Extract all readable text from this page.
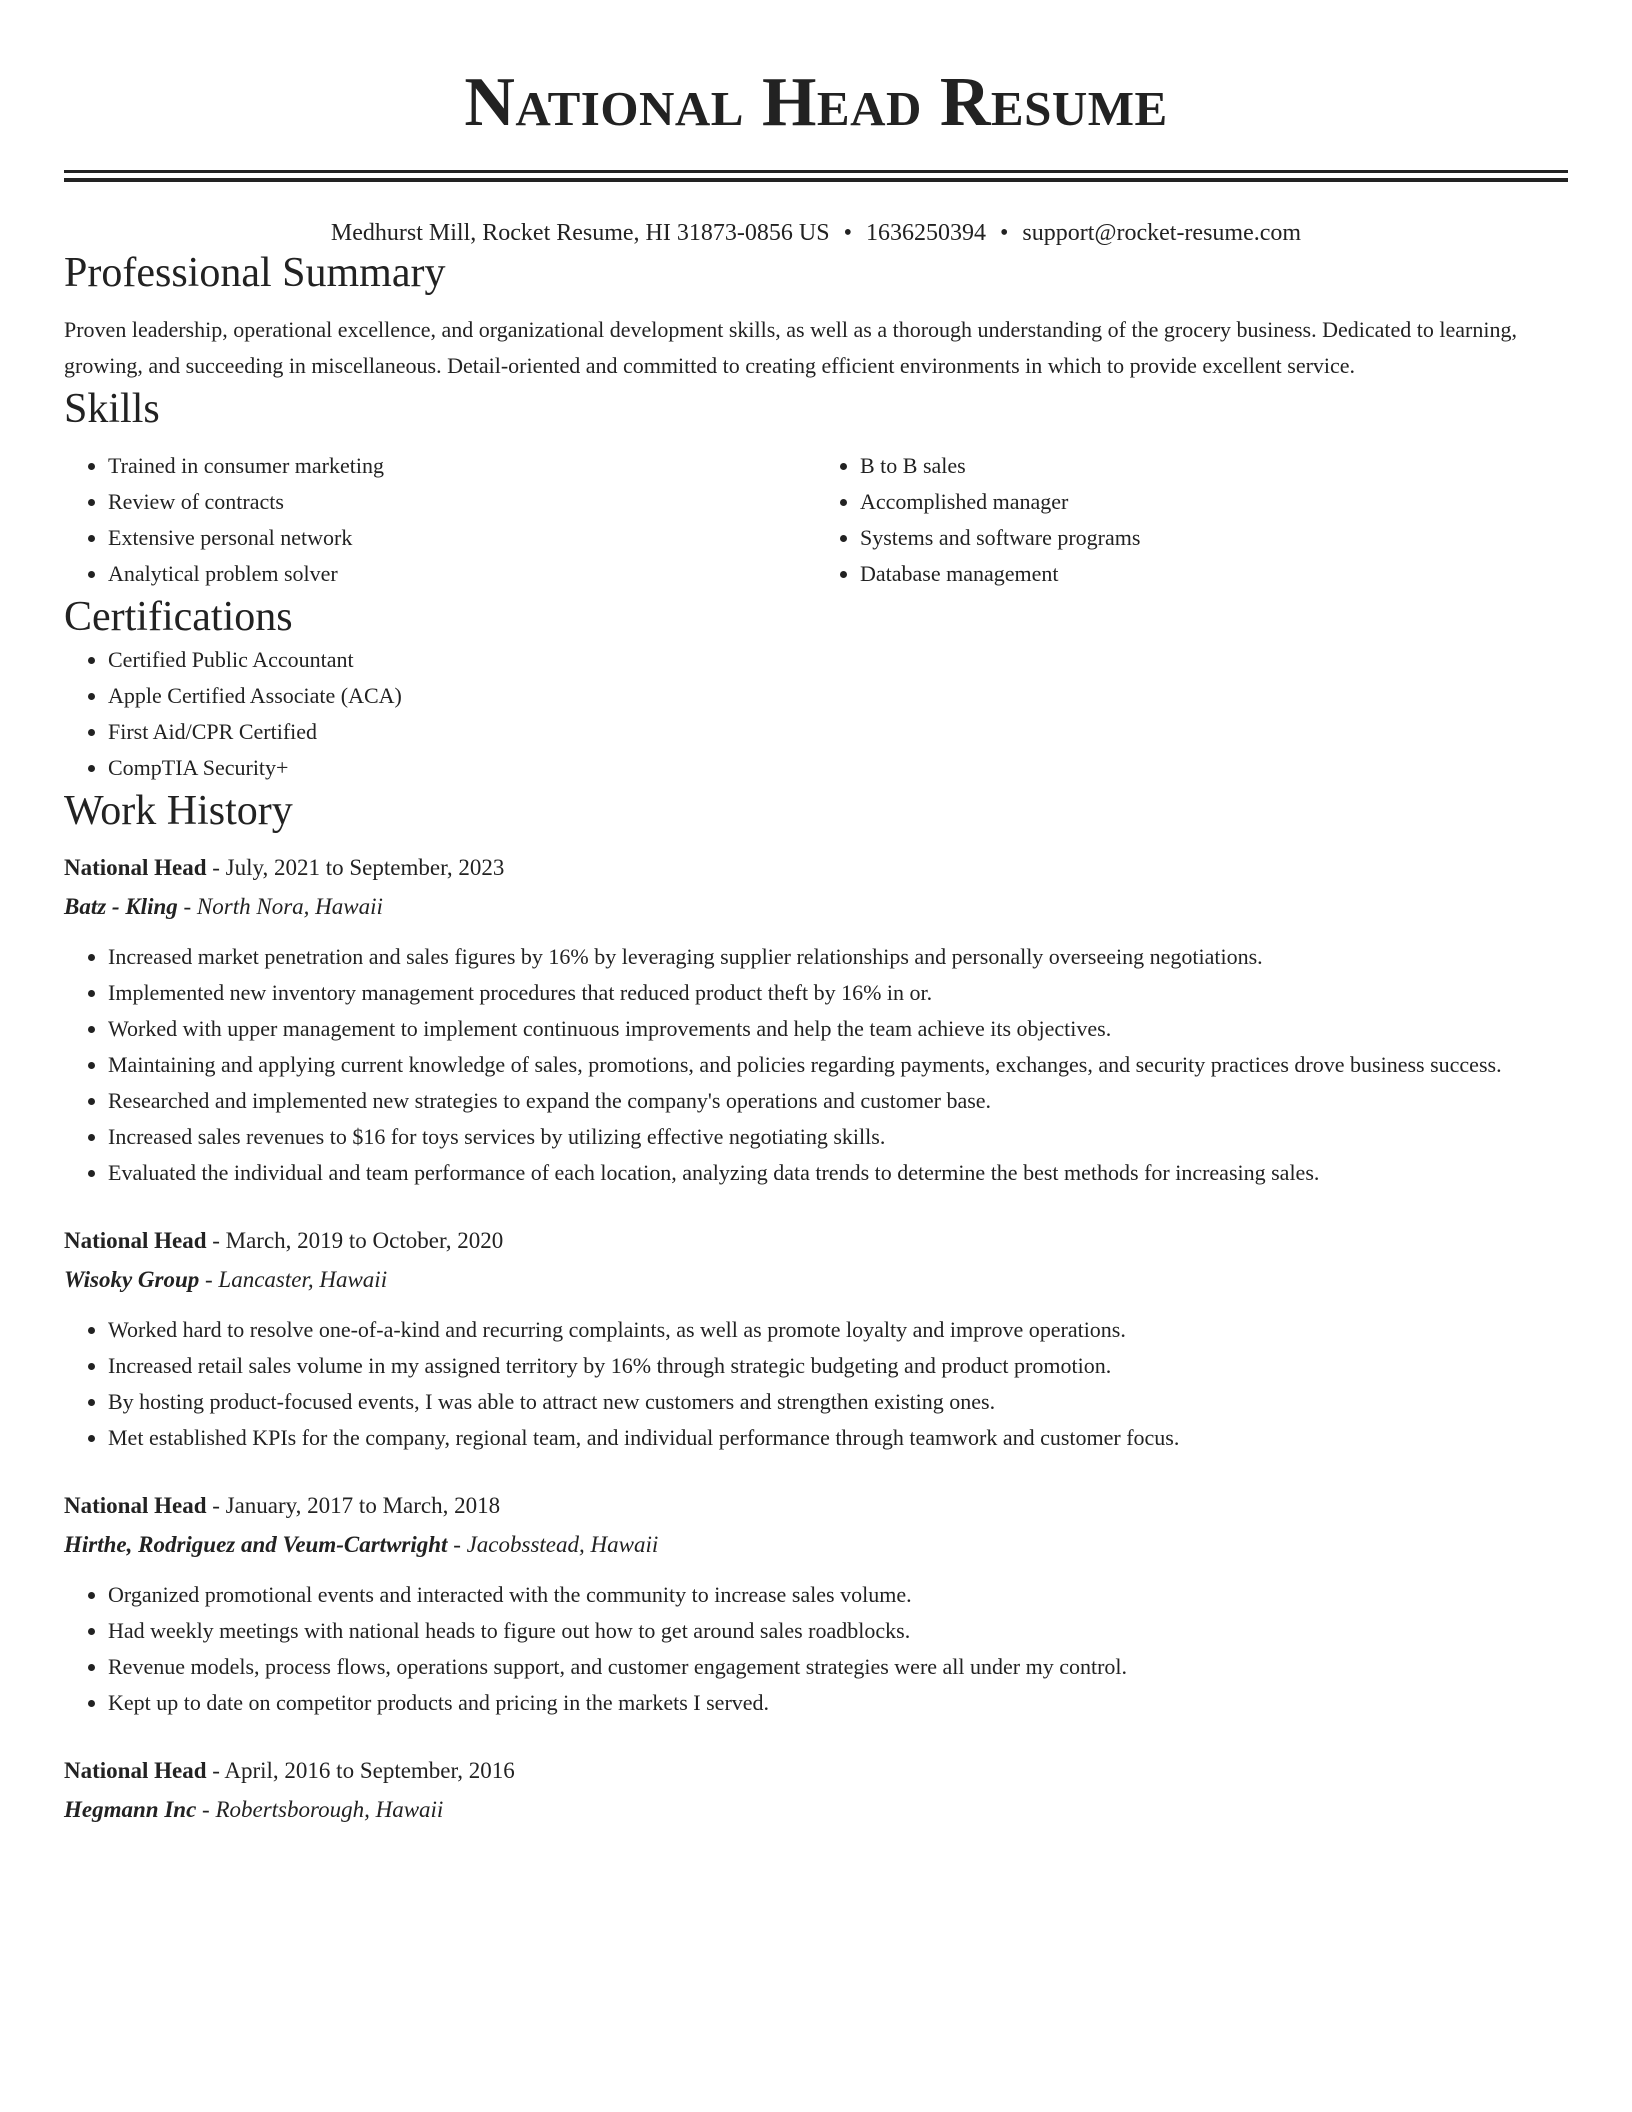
National Head Resume
Medhurst Mill, Rocket Resume, HI 31873-0856 US • 1636250394 • support@rocket-resume.com
Professional Summary
Proven leadership, operational excellence, and organizational development skills, as well as a thorough understanding of the grocery business. Dedicated to learning, growing, and succeeding in miscellaneous. Detail-oriented and committed to creating efficient environments in which to provide excellent service.
Skills
• Trained in consumer marketing
• Review of contracts
• Extensive personal network
• Analytical problem solver
• B to B sales
• Accomplished manager
• Systems and software programs
• Database management
Certifications
• Certified Public Accountant
• Apple Certified Associate (ACA)
• First Aid/CPR Certified
• CompTIA Security+
Work History
National Head - July, 2021 to September, 2023
Batz - Kling - North Nora, Hawaii
• Increased market penetration and sales figures by 16% by leveraging supplier relationships and personally overseeing negotiations.
• Implemented new inventory management procedures that reduced product theft by 16% in or.
• Worked with upper management to implement continuous improvements and help the team achieve its objectives.
• Maintaining and applying current knowledge of sales, promotions, and policies regarding payments, exchanges, and security practices drove business success.
• Researched and implemented new strategies to expand the company's operations and customer base.
• Increased sales revenues to $16 for toys services by utilizing effective negotiating skills.
• Evaluated the individual and team performance of each location, analyzing data trends to determine the best methods for increasing sales.
National Head - March, 2019 to October, 2020
Wisoky Group - Lancaster, Hawaii
• Worked hard to resolve one-of-a-kind and recurring complaints, as well as promote loyalty and improve operations.
• Increased retail sales volume in my assigned territory by 16% through strategic budgeting and product promotion.
• By hosting product-focused events, I was able to attract new customers and strengthen existing ones.
• Met established KPIs for the company, regional team, and individual performance through teamwork and customer focus.
National Head - January, 2017 to March, 2018
Hirthe, Rodriguez and Veum-Cartwright - Jacobsstead, Hawaii
• Organized promotional events and interacted with the community to increase sales volume.
• Had weekly meetings with national heads to figure out how to get around sales roadblocks.
• Revenue models, process flows, operations support, and customer engagement strategies were all under my control.
• Kept up to date on competitor products and pricing in the markets I served.
National Head - April, 2016 to September, 2016
Hegmann Inc - Robertsborough, Hawaii
